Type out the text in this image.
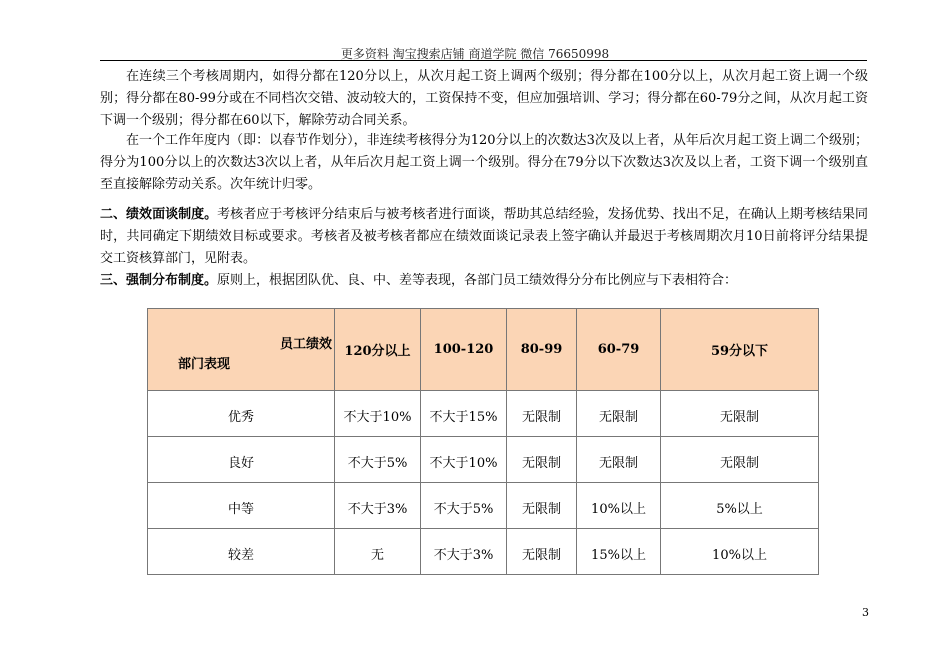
更多资料 淘宝搜索店铺 商道学院 微信 76650998

在连续三个考核周期内，如得分都在120分以上，从次月起工资上调两个级别；得分都在100分以上，从次月起工资上调一个级别；得分都在80-99分或在不同档次交错、波动较大的，工资保持不变，但应加强培训、学习；得分都在60-79分之间，从次月起工资下调一个级别；得分都在60以下，解除劳动合同关系。

在一个工作年度内（即：以春节作划分），非连续考核得分为120分以上的次数达3次及以上者，从年后次月起工资上调二个级别；得分为100分以上的次数达3次以上者，从年后次月起工资上调一个级别。得分在79分以下次数达3次及以上者，工资下调一个级别直至直接解除劳动关系。次年统计归零。

二、绩效面谈制度。考核者应于考核评分结束后与被考核者进行面谈，帮助其总结经验，发扬优势、找出不足，在确认上期考核结果同时，共同确定下期绩效目标或要求。考核者及被考核者都应在绩效面谈记录表上签字确认并最迟于考核周期次月10日前将评分结果提交工资核算部门，见附表。

三、强制分布制度。原则上，根据团队优、良、中、差等表现，各部门员工绩效得分分布比例应与下表相符合：

员工绩效
部门表现	120分以上	100-120	80-99	60-79	59分以下
优秀	不大于10%	不大于15%	无限制	无限制	无限制
良好	不大于5%	不大于10%	无限制	无限制	无限制
中等	不大于3%	不大于5%	无限制	10%以上	5%以上
较差	无	不大于3%	无限制	15%以上	10%以上
3
